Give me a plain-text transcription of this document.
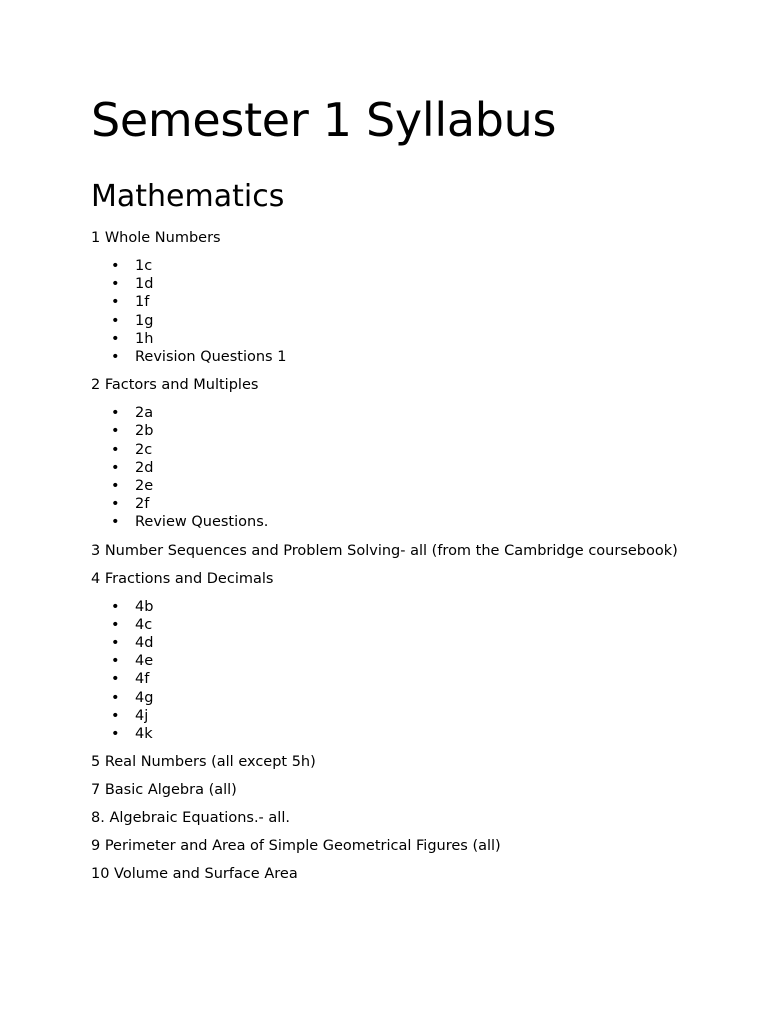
Semester 1 Syllabus
Mathematics

1 Whole Numbers

• 1c
• 1d
• 1f
• 1g
• 1h
• Revision Questions 1

2 Factors and Multiples

• 2a
• 2b
• 2c
• 2d
• 2e
• 2f
• Review Questions.

3 Number Sequences and Problem Solving- all (from the Cambridge coursebook)

4 Fractions and Decimals

• 4b
• 4c
• 4d
• 4e
• 4f
• 4g
• 4j
• 4k

5 Real Numbers (all except 5h)

7 Basic Algebra (all)

8. Algebraic Equations.- all.

9 Perimeter and Area of Simple Geometrical Figures (all)

10 Volume and Surface Area
